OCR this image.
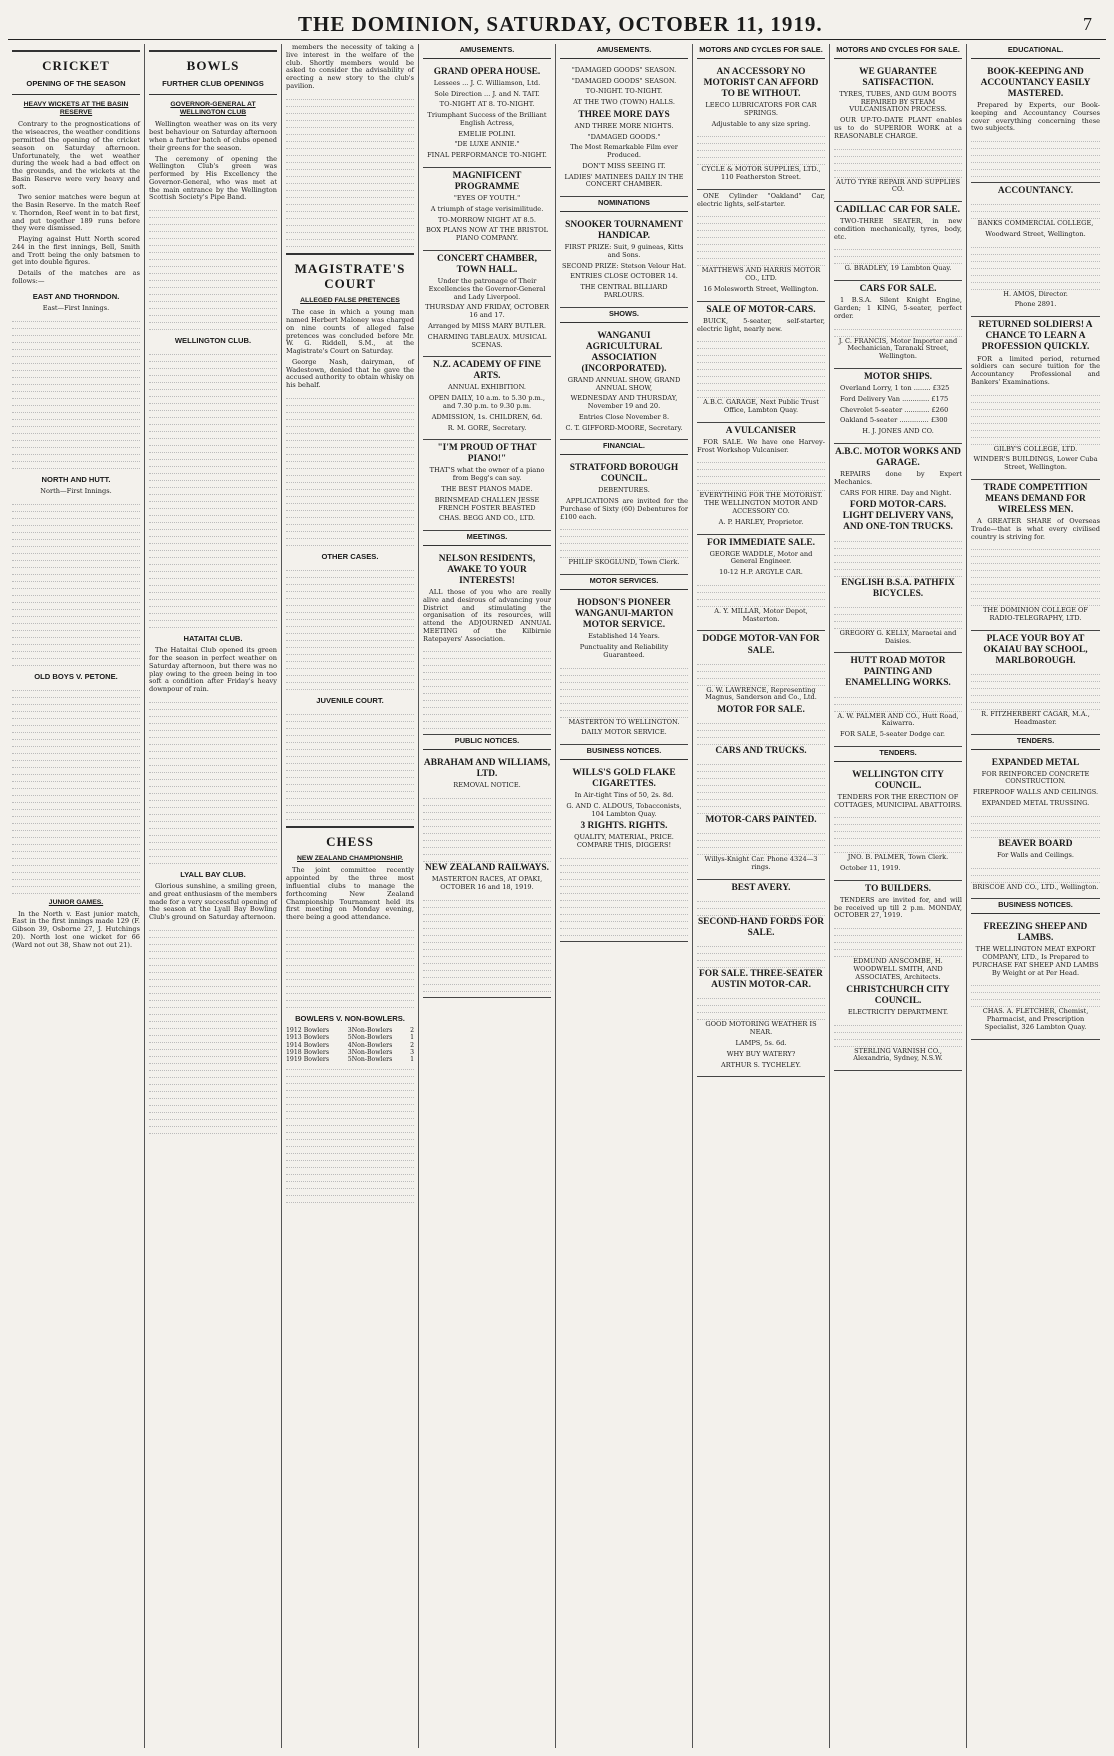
THE DOMINION, SATURDAY, OCTOBER 11, 1919.	7
CRICKET
OPENING OF THE SEASON
HEAVY WICKETS AT THE BASIN RESERVE

Contrary to the prognostications of the wiseacres, the weather conditions permitted the opening of the cricket season on Saturday afternoon. Unfortunately, the wet weather during the week had a bad effect on the grounds, and the wickets at the Basin Reserve were very heavy and soft.

Two senior matches were begun at the Basin Reserve. In the match Reef v. Thorndon, Reef went in to bat first, and put together 189 runs before they were dismissed.

Playing against Hutt North scored 244 in the first innings, Bell, Smith and Trott being the only batsmen to get into double figures.

Details of the matches are as follows:—

EAST AND THORNDON.

East—First Innings.

NORTH AND HUTT.

North—First Innings.

OLD BOYS V. PETONE.
JUNIOR GAMES.

In the North v. East junior match, East in the first innings made 129 (F. Gibson 39, Osborne 27, J. Hutchings 20). North lost one wicket for 66 (Ward not out 38, Shaw not out 21).

BOWLS
FURTHER CLUB OPENINGS
GOVERNOR-GENERAL AT WELLINGTON CLUB

Wellington weather was on its very best behaviour on Saturday afternoon when a further batch of clubs opened their greens for the season.

The ceremony of opening the Wellington Club's green was performed by His Excellency the Governor-General, who was met at the main entrance by the Wellington Scottish Society's Pipe Band.

WELLINGTON CLUB.
HATAITAI CLUB.

The Hataitai Club opened its green for the season in perfect weather on Saturday afternoon, but there was no play owing to the green being in too soft a condition after Friday's heavy downpour of rain.

LYALL BAY CLUB.

Glorious sunshine, a smiling green, and great enthusiasm of the members made for a very successful opening of the season at the Lyall Bay Bowling Club's ground on Saturday afternoon.

members the necessity of taking a live interest in the welfare of the club. Shortly members would be asked to consider the advisability of erecting a new story to the club's pavilion.

MAGISTRATE'S COURT
ALLEGED FALSE PRETENCES

The case in which a young man named Herbert Maloney was charged on nine counts of alleged false pretences was concluded before Mr. W. G. Riddell, S.M., at the Magistrate's Court on Saturday.

George Nash, dairyman, of Wadestown, denied that he gave the accused authority to obtain whisky on his behalf.

OTHER CASES.
JUVENILE COURT.
CHESS
NEW ZEALAND CHAMPIONSHIP.

The joint committee recently appointed by the three most influential clubs to manage the forthcoming New Zealand Championship Tournament held its first meeting on Monday evening, there being a good attendance.

BOWLERS V. NON-BOWLERS.
1912 Bowlers	3	Non-Bowlers	2
1913 Bowlers	5	Non-Bowlers	1
1914 Bowlers	4	Non-Bowlers	2
1918 Bowlers	3	Non-Bowlers	3
1919 Bowlers	5	Non-Bowlers	1
AMUSEMENTS.
GRAND OPERA HOUSE.

Lessees ... J. C. Williamson, Ltd.

Sole Direction ... J. and N. TAIT.

TO-NIGHT AT 8. TO-NIGHT.

Triumphant Success of the Brilliant English Actress,

EMELIE POLINI.

"DE LUXE ANNIE."

FINAL PERFORMANCE TO-NIGHT.

MAGNIFICENT PROGRAMME

"EYES OF YOUTH."

A triumph of stage verisimilitude.

TO-MORROW NIGHT AT 8.5.

BOX PLANS NOW AT THE BRISTOL PIANO COMPANY.

CONCERT CHAMBER, TOWN HALL.

Under the patronage of Their Excellencies the Governor-General and Lady Liverpool.

THURSDAY AND FRIDAY, OCTOBER 16 and 17.

Arranged by MISS MARY BUTLER.

CHARMING TABLEAUX. MUSICAL SCENAS.

N.Z. ACADEMY OF FINE ARTS.

ANNUAL EXHIBITION.

OPEN DAILY, 10 a.m. to 5.30 p.m., and 7.30 p.m. to 9.30 p.m.

ADMISSION, 1s. CHILDREN, 6d.

R. M. GORE, Secretary.

"I'M PROUD OF THAT PIANO!"

THAT'S what the owner of a piano from Begg's can say.

THE BEST PIANOS MADE.

BRINSMEAD CHALLEN JESSE FRENCH FOSTER BEASTED

CHAS. BEGG AND CO., LTD.

MEETINGS.
NELSON RESIDENTS, AWAKE TO YOUR INTERESTS!

ALL those of you who are really alive and desirous of advancing your District and stimulating the organisation of its resources, will attend the ADJOURNED ANNUAL MEETING of the Kilbirnie Ratepayers' Association.

PUBLIC NOTICES.
ABRAHAM AND WILLIAMS, LTD.

REMOVAL NOTICE.

NEW ZEALAND RAILWAYS.

MASTERTON RACES, AT OPAKI, OCTOBER 16 and 18, 1919.

AMUSEMENTS.

"DAMAGED GOODS" SEASON.

"DAMAGED GOODS" SEASON.

TO-NIGHT. TO-NIGHT.

AT THE TWO (TOWN) HALLS.

THREE MORE DAYS

AND THREE MORE NIGHTS.

"DAMAGED GOODS."

The Most Remarkable Film ever Produced.

DON'T MISS SEEING IT.

LADIES' MATINEES DAILY IN THE CONCERT CHAMBER.

NOMINATIONS
SNOOKER TOURNAMENT HANDICAP.

FIRST PRIZE: Suit, 9 guineas, Kitts and Sons.

SECOND PRIZE: Stetson Velour Hat.

ENTRIES CLOSE OCTOBER 14.

THE CENTRAL BILLIARD PARLOURS.

SHOWS.
WANGANUI AGRICULTURAL ASSOCIATION (INCORPORATED).

GRAND ANNUAL SHOW, GRAND ANNUAL SHOW,

WEDNESDAY AND THURSDAY, November 19 and 20.

Entries Close November 8.

C. T. GIFFORD-MOORE, Secretary.

FINANCIAL.
STRATFORD BOROUGH COUNCIL.

DEBENTURES.

APPLICATIONS are invited for the Purchase of Sixty (60) Debentures for £100 each.

PHILIP SKOGLUND, Town Clerk.

MOTOR SERVICES.
HODSON'S PIONEER WANGANUI-MARTON MOTOR SERVICE.

Established 14 Years.

Punctuality and Reliability Guaranteed.

MASTERTON TO WELLINGTON.

DAILY MOTOR SERVICE.

BUSINESS NOTICES.
WILLS'S GOLD FLAKE CIGARETTES.

In Air-tight Tins of 50, 2s. 8d.

G. AND C. ALDOUS, Tobacconists, 104 Lambton Quay.

3 RIGHTS. RIGHTS.

QUALITY, MATERIAL, PRICE. COMPARE THIS, DIGGERS!

MOTORS AND CYCLES FOR SALE.
AN ACCESSORY NO MOTORIST CAN AFFORD TO BE WITHOUT.

LEECO LUBRICATORS FOR CAR SPRINGS.

Adjustable to any size spring.

CYCLE & MOTOR SUPPLIES, LTD., 110 Featherston Street.

ONE Cylinder "Oakland" Car, electric lights, self-starter.

MATTHEWS AND HARRIS MOTOR CO., LTD.

16 Molesworth Street, Wellington.

SALE OF MOTOR-CARS.

BUICK, 5-seater, self-starter, electric light, nearly new.

A.B.C. GARAGE, Next Public Trust Office, Lambton Quay.

A VULCANISER

FOR SALE. We have one Harvey-Frost Workshop Vulcaniser.

EVERYTHING FOR THE MOTORIST. THE WELLINGTON MOTOR AND ACCESSORY CO.

A. P. HARLEY, Proprietor.

FOR IMMEDIATE SALE.

GEORGE WADDLE, Motor and General Engineer.

10-12 H.P. ARGYLE CAR.

A. Y. MILLAR, Motor Depot, Masterton.

DODGE MOTOR-VAN FOR SALE.

G. W. LAWRENCE, Representing Magnus, Sanderson and Co., Ltd.

MOTOR FOR SALE.
CARS AND TRUCKS.
MOTOR-CARS PAINTED.

Willys-Knight Car. Phone 4324—3 rings.

BEST AVERY.
SECOND-HAND FORDS FOR SALE.
FOR SALE. THREE-SEATER AUSTIN MOTOR-CAR.

GOOD MOTORING WEATHER IS NEAR.

LAMPS, 5s. 6d.

WHY BUY WATERY?

ARTHUR S. TYCHELEY.

MOTORS AND CYCLES FOR SALE.
WE GUARANTEE SATISFACTION.

TYRES, TUBES, AND GUM BOOTS REPAIRED BY STEAM VULCANISATION PROCESS.

OUR UP-TO-DATE PLANT enables us to do SUPERIOR WORK at a REASONABLE CHARGE.

AUTO TYRE REPAIR AND SUPPLIES CO.

CADILLAC CAR FOR SALE.

TWO-THREE SEATER, in new condition mechanically, tyres, body, etc.

G. BRADLEY, 19 Lambton Quay.

CARS FOR SALE.

1 B.S.A. Silent Knight Engine, Garden; 1 KING, 5-seater, perfect order.

J. C. FRANCIS, Motor Importer and Mechanician, Taranaki Street, Wellington.

MOTOR SHIPS.

Overland Lorry, 1 ton ........ £325

Ford Delivery Van ............. £175

Chevrolet 5-seater ............ £260

Oakland 5-seater .............. £300

H. J. JONES AND CO.

A.B.C. MOTOR WORKS AND GARAGE.

REPAIRS done by Expert Mechanics.

CARS FOR HIRE. Day and Night.

FORD MOTOR-CARS. LIGHT DELIVERY VANS, AND ONE-TON TRUCKS.
ENGLISH B.S.A. PATHFIX BICYCLES.

GREGORY G. KELLY, Maraetai and Daisies.

HUTT ROAD MOTOR PAINTING AND ENAMELLING WORKS.

A. W. PALMER AND CO., Hutt Road, Kaiwarra.

FOR SALE, 5-seater Dodge car.

TENDERS.
WELLINGTON CITY COUNCIL.

TENDERS FOR THE ERECTION OF COTTAGES, MUNICIPAL ABATTOIRS.

JNO. B. PALMER, Town Clerk.

October 11, 1919.

TO BUILDERS.

TENDERS are invited for, and will be received up till 2 p.m. MONDAY, OCTOBER 27, 1919.

EDMUND ANSCOMBE, H. WOODWELL SMITH, AND ASSOCIATES, Architects.

CHRISTCHURCH CITY COUNCIL.

ELECTRICITY DEPARTMENT.

STERLING VARNISH CO., Alexandria, Sydney, N.S.W.

EDUCATIONAL.
BOOK-KEEPING AND ACCOUNTANCY EASILY MASTERED.

Prepared by Experts, our Book-keeping and Accountancy Courses cover everything concerning these two subjects.

ACCOUNTANCY.

BANKS COMMERCIAL COLLEGE,

Woodward Street, Wellington.

H. AMOS, Director.

Phone 2891.

RETURNED SOLDIERS! A CHANCE TO LEARN A PROFESSION QUICKLY.

FOR a limited period, returned soldiers can secure tuition for the Accountancy Professional and Bankers' Examinations.

GILBY'S COLLEGE, LTD.

WINDER'S BUILDINGS, Lower Cuba Street, Wellington.

TRADE COMPETITION MEANS DEMAND FOR WIRELESS MEN.

A GREATER SHARE of Overseas Trade—that is what every civilised country is striving for.

THE DOMINION COLLEGE OF RADIO-TELEGRAPHY, LTD.

PLACE YOUR BOY AT OKAIAU BAY SCHOOL, MARLBOROUGH.

R. FITZHERBERT CAGAR, M.A., Headmaster.

TENDERS.
EXPANDED METAL

FOR REINFORCED CONCRETE CONSTRUCTION.

FIREPROOF WALLS AND CEILINGS.

EXPANDED METAL TRUSSING.

BEAVER BOARD

For Walls and Ceilings.

BRISCOE AND CO., LTD., Wellington.

BUSINESS NOTICES.
FREEZING SHEEP AND LAMBS.

THE WELLINGTON MEAT EXPORT COMPANY, LTD., Is Prepared to PURCHASE FAT SHEEP AND LAMBS By Weight or at Per Head.

CHAS. A. FLETCHER, Chemist, Pharmacist, and Prescription Specialist, 326 Lambton Quay.
